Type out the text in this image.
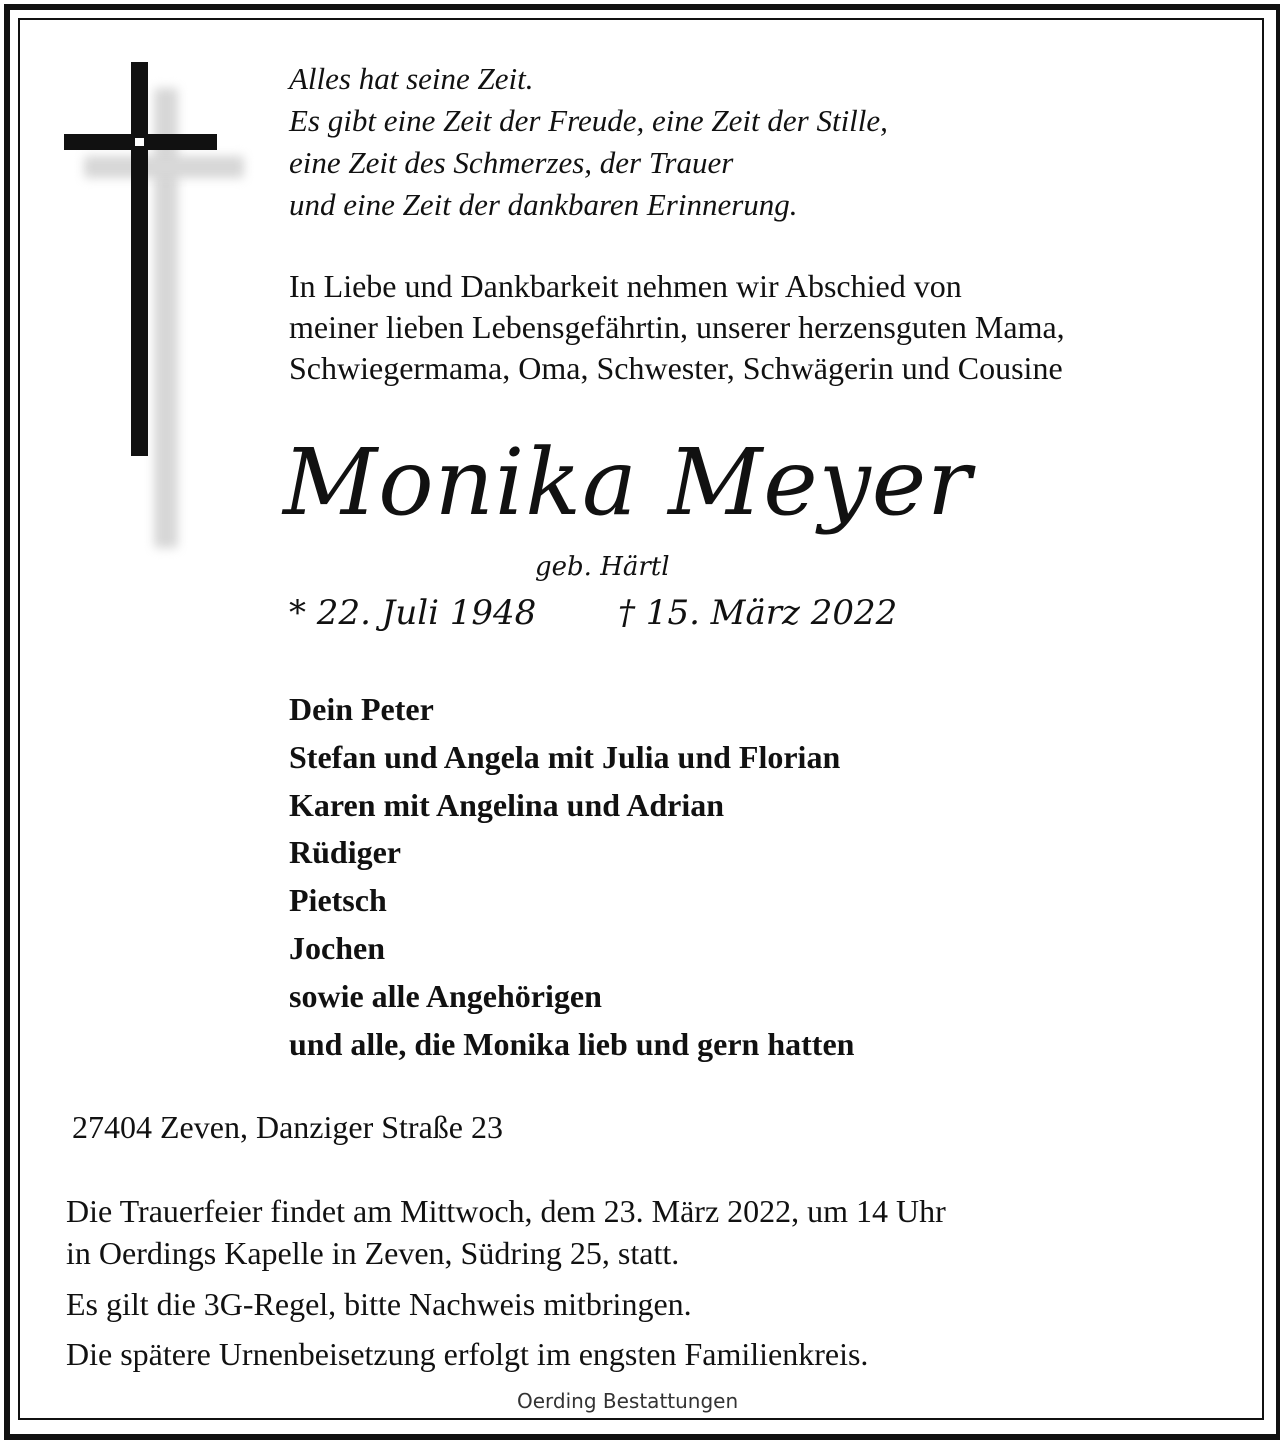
Alles hat seine Zeit.
Es gibt eine Zeit der Freude, eine Zeit der Stille,
eine Zeit des Schmerzes, der Trauer
und eine Zeit der dankbaren Erinnerung.
In Liebe und Dankbarkeit nehmen wir Abschied von
meiner lieben Lebensgefährtin, unserer herzensguten Mama,
Schwiegermama, Oma, Schwester, Schwägerin und Cousine
Monika Meyer
geb. Härtl
* 22. Juli 1948 † 15. März 2022
Dein Peter
Stefan und Angela mit Julia und Florian
Karen mit Angelina und Adrian
Rüdiger
Pietsch
Jochen
sowie alle Angehörigen
und alle, die Monika lieb und gern hatten
27404 Zeven, Danziger Straße 23
Die Trauerfeier findet am Mittwoch, dem 23. März 2022, um 14 Uhr
in Oerdings Kapelle in Zeven, Südring 25, statt.
Es gilt die 3G-Regel, bitte Nachweis mitbringen.
Die spätere Urnenbeisetzung erfolgt im engsten Familienkreis.
Oerding Bestattungen
